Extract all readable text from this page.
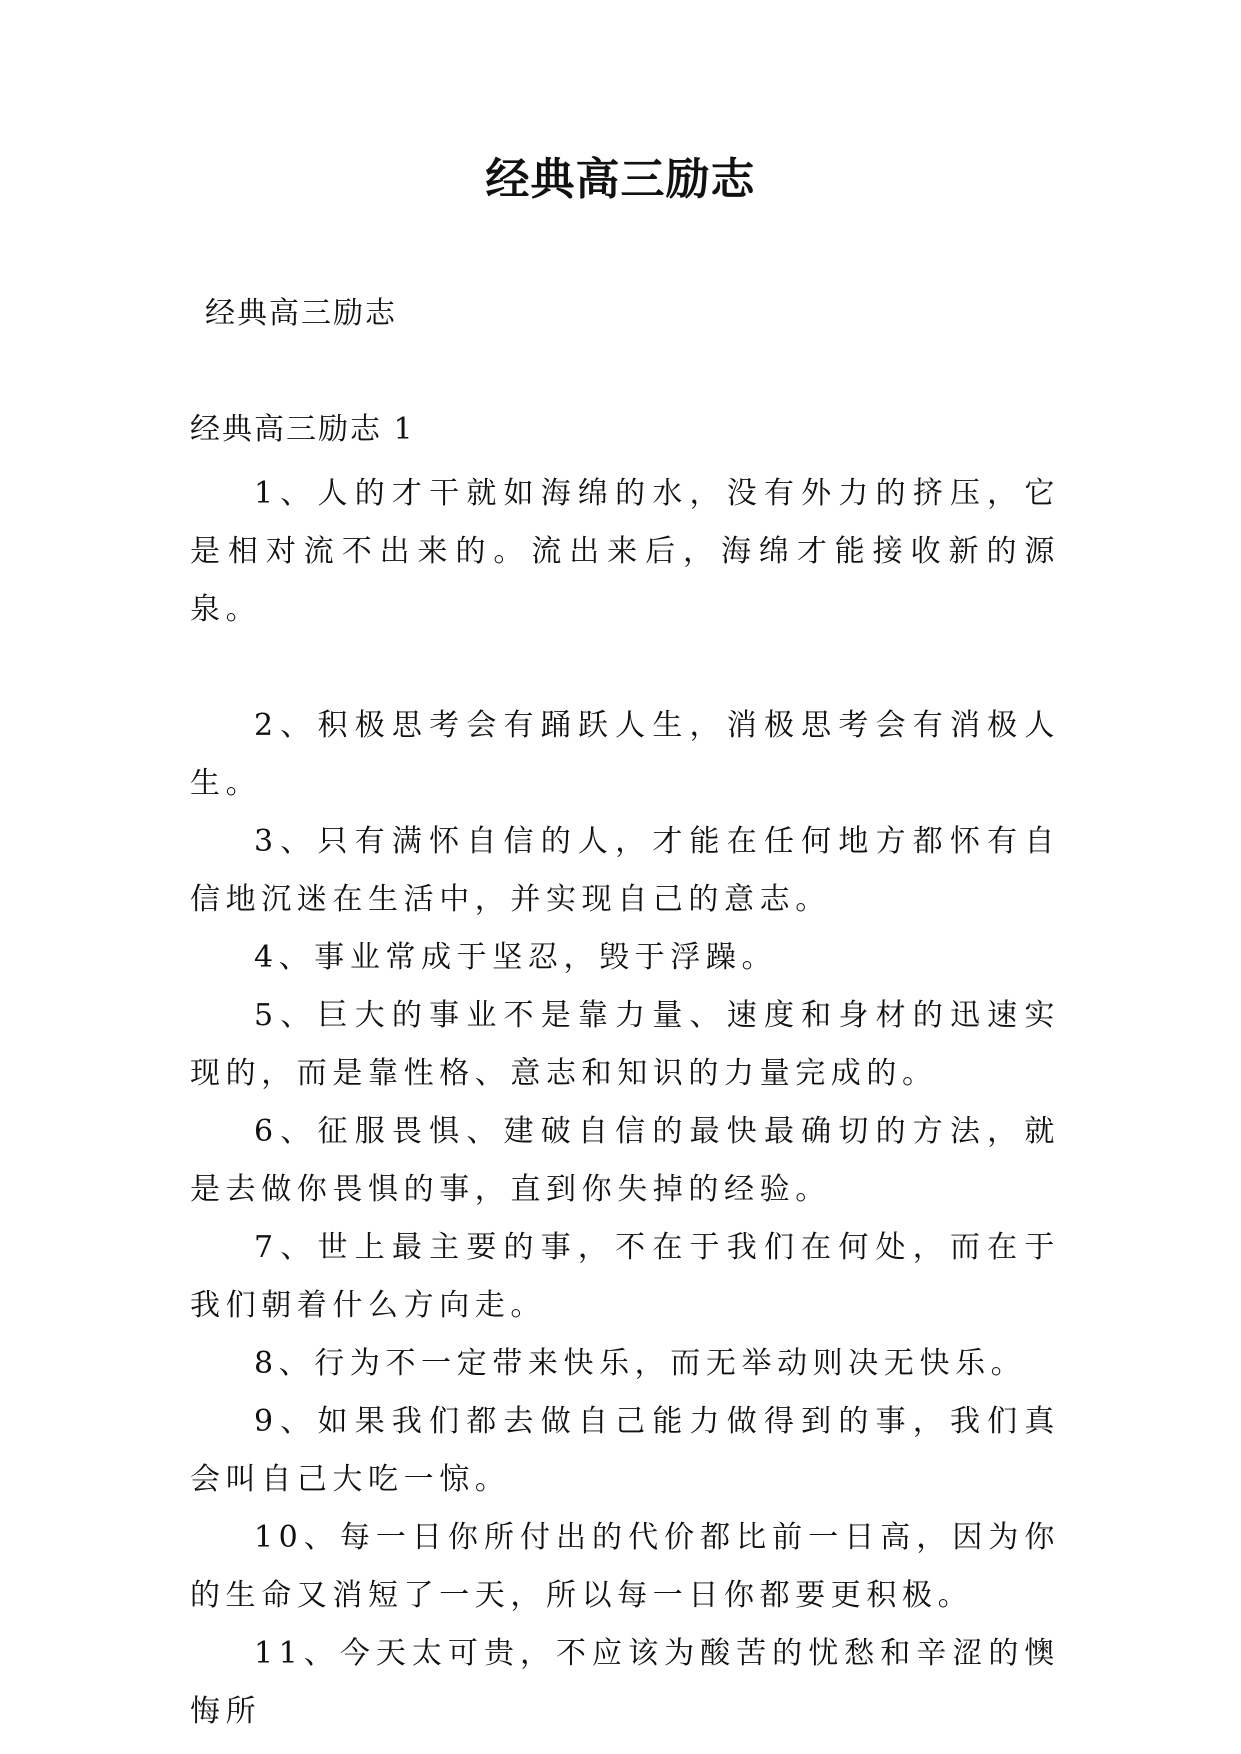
经典高三励志
经典高三励志
经典高三励志 1

1、人的才干就如海绵的水，没有外力的挤压，它是相对流不出来的。流出来后，海绵才能接收新的源泉。

2、积极思考会有踊跃人生，消极思考会有消极人生。

3、只有满怀自信的人，才能在任何地方都怀有自信地沉迷在生活中，并实现自己的意志。

4、事业常成于坚忍，毁于浮躁。

5、巨大的事业不是靠力量、速度和身材的迅速实现的，而是靠性格、意志和知识的力量完成的。

6、征服畏惧、建破自信的最快最确切的方法，就是去做你畏惧的事，直到你失掉的经验。

7、世上最主要的事，不在于我们在何处，而在于我们朝着什么方向走。

8、行为不一定带来快乐，而无举动则决无快乐。

9、如果我们都去做自己能力做得到的事，我们真会叫自己大吃一惊。

10、每一日你所付出的代价都比前一日高，因为你的生命又消短了一天，所以每一日你都要更积极。

11、今天太可贵，不应该为酸苦的忧愁和辛涩的懊悔所
